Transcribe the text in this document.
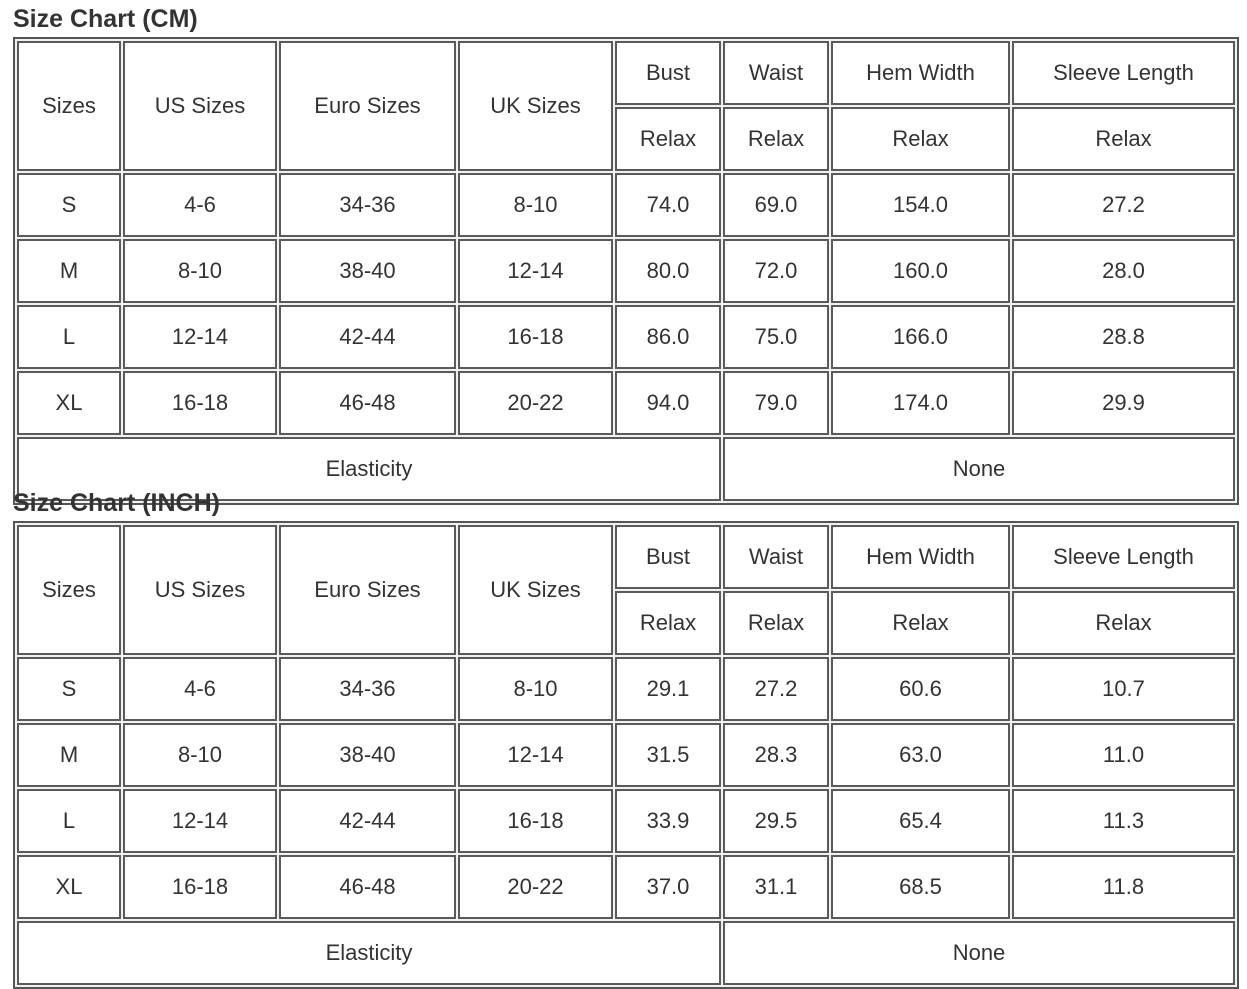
Size Chart (CM)
Sizes	US Sizes	Euro Sizes	UK Sizes	Bust	Waist	Hem Width	Sleeve Length
				Relax	Relax	Relax	Relax
S	4-6	34-36	8-10	74.0	69.0	154.0	27.2
M	8-10	38-40	12-14	80.0	72.0	160.0	28.0
L	12-14	42-44	16-18	86.0	75.0	166.0	28.8
XL	16-18	46-48	20-22	94.0	79.0	174.0	29.9
Elasticity					None		
Size Chart (INCH)
Sizes	US Sizes	Euro Sizes	UK Sizes	Bust	Waist	Hem Width	Sleeve Length
				Relax	Relax	Relax	Relax
S	4-6	34-36	8-10	29.1	27.2	60.6	10.7
M	8-10	38-40	12-14	31.5	28.3	63.0	11.0
L	12-14	42-44	16-18	33.9	29.5	65.4	11.3
XL	16-18	46-48	20-22	37.0	31.1	68.5	11.8
Elasticity					None		
